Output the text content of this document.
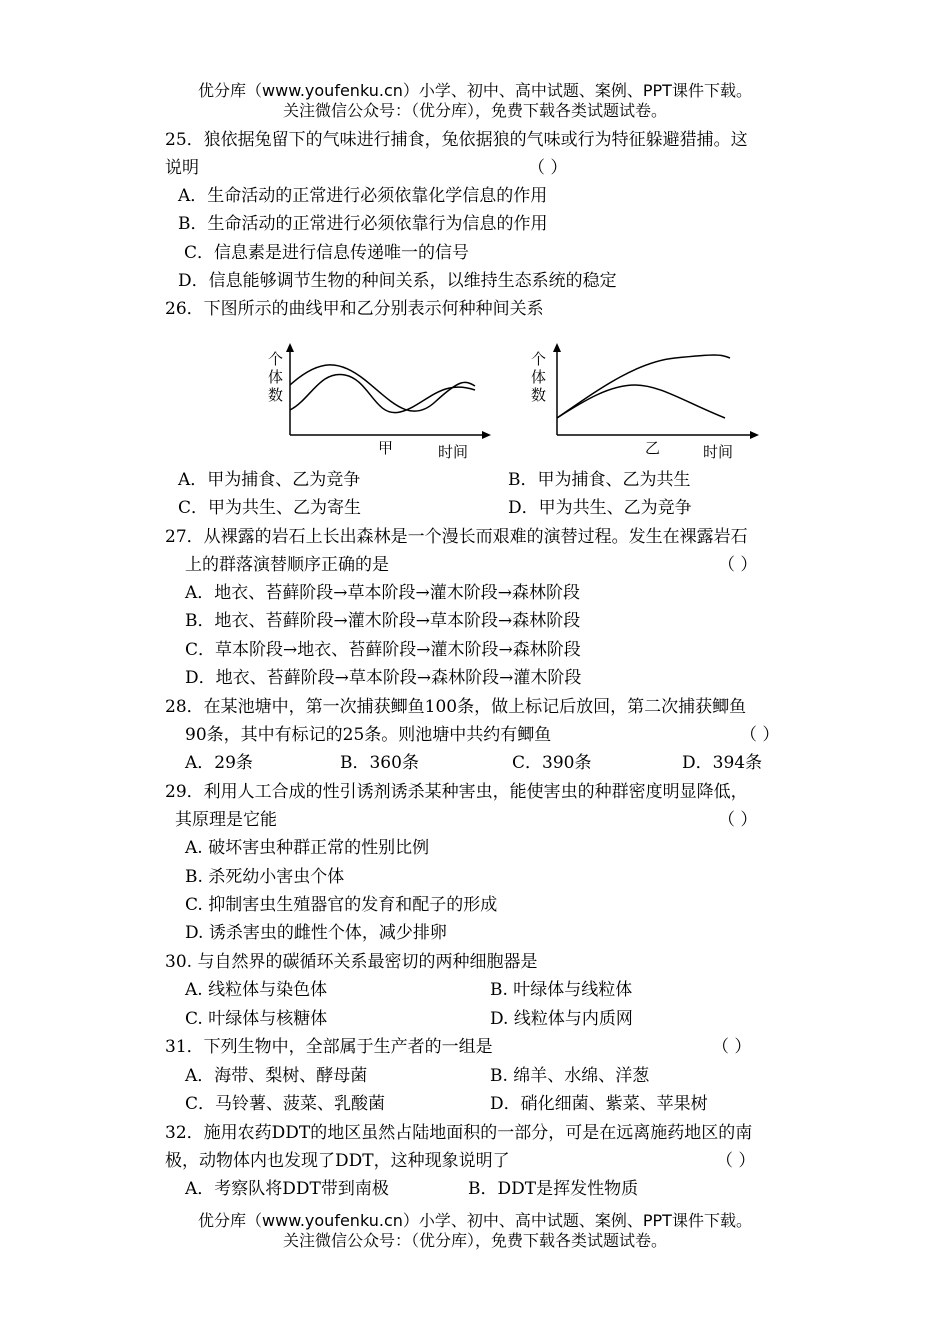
优分库（www.youfenku.cn）小学、初中、高中试题、案例、PPT课件下载。
关注微信公众号：（优分库），免费下载各类试题试卷。
25．狼依据兔留下的气味进行捕食，兔依据狼的气味或行为特征躲避猎捕。这
说明	（ ）
A．生命活动的正常进行必须依靠化学信息的作用
B．生命活动的正常进行必须依靠行为信息的作用
C．信息素是进行信息传递唯一的信号
D．信息能够调节生物的种间关系，以维持生态系统的稳定
26．下图所示的曲线甲和乙分别表示何种种间关系
个
体
数
甲	时间
个
体
数
乙	时间
A．甲为捕食、乙为竞争	B．甲为捕食、乙为共生
C．甲为共生、乙为寄生	D．甲为共生、乙为竞争
27．从裸露的岩石上长出森林是一个漫长而艰难的演替过程。发生在裸露岩石
上的群落演替顺序正确的是	（ ）
A．地衣、苔藓阶段→草本阶段→灌木阶段→森林阶段
B．地衣、苔藓阶段→灌木阶段→草本阶段→森林阶段
C．草本阶段→地衣、苔藓阶段→灌木阶段→森林阶段
D．地衣、苔藓阶段→草本阶段→森林阶段→灌木阶段
28．在某池塘中，第一次捕获鲫鱼100条，做上标记后放回，第二次捕获鲫鱼
90条，其中有标记的25条。则池塘中共约有鲫鱼	（ ）
A．29条	B．360条	C．390条	D．394条
29．利用人工合成的性引诱剂诱杀某种害虫，能使害虫的种群密度明显降低，
其原理是它能	（ ）
A. 破坏害虫种群正常的性别比例
B. 杀死幼小害虫个体
C. 抑制害虫生殖器官的发育和配子的形成
D. 诱杀害虫的雌性个体，减少排卵
30. 与自然界的碳循环关系最密切的两种细胞器是
A. 线粒体与染色体	B. 叶绿体与线粒体
C. 叶绿体与核糖体	D. 线粒体与内质网
31．下列生物中，全部属于生产者的一组是	（ ）
A．海带、梨树、酵母菌	B. 绵羊、水绵、洋葱
C．马铃薯、菠菜、乳酸菌	D．硝化细菌、紫菜、苹果树
32．施用农药DDT的地区虽然占陆地面积的一部分，可是在远离施药地区的南
极，动物体内也发现了DDT，这种现象说明了	（ ）
A．考察队将DDT带到南极	B．DDT是挥发性物质
优分库（www.youfenku.cn）小学、初中、高中试题、案例、PPT课件下载。
关注微信公众号：（优分库），免费下载各类试题试卷。
